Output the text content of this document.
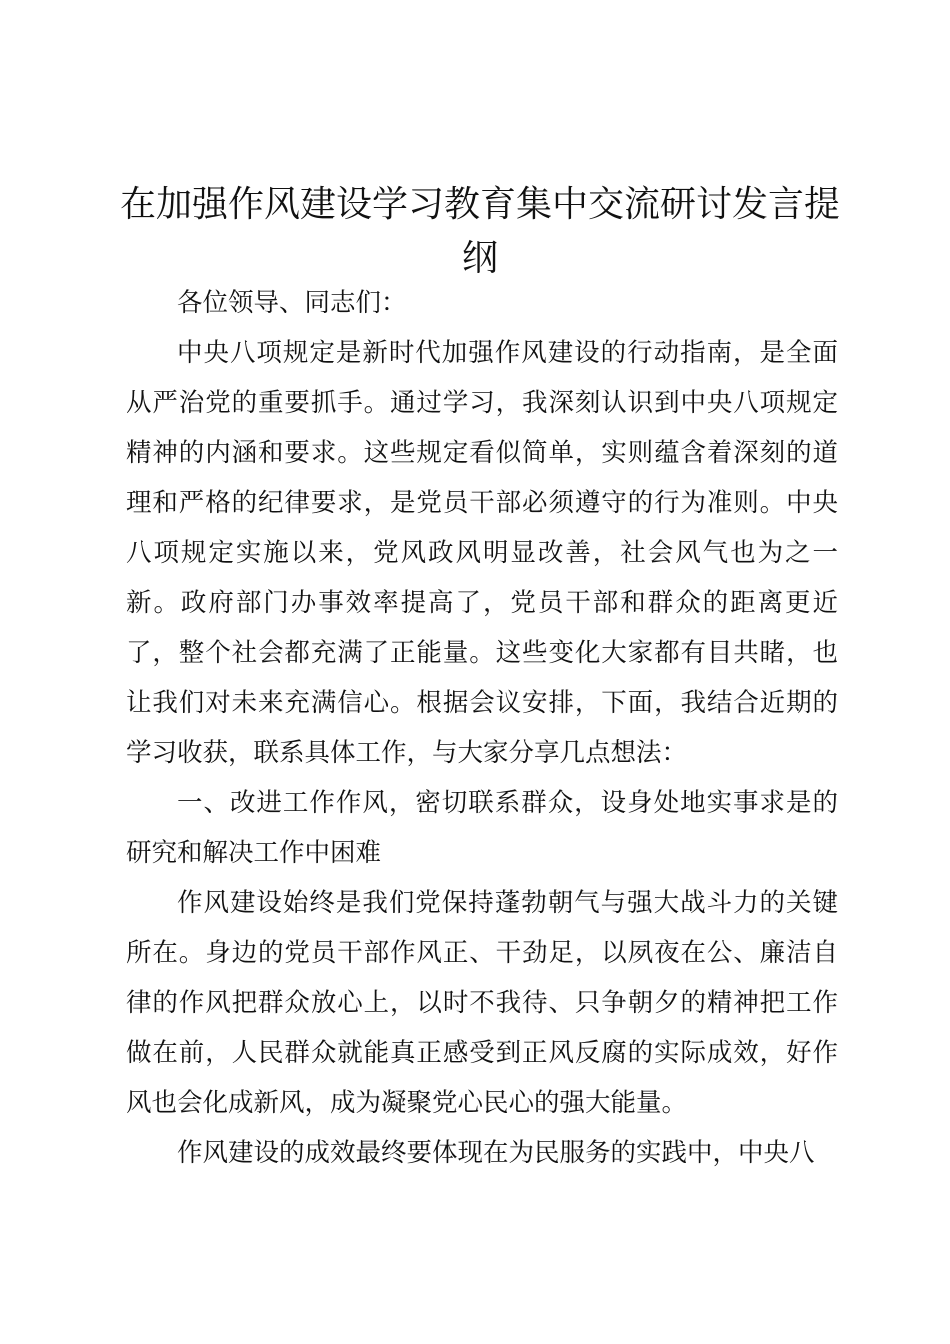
在加强作风建设学习教育集中交流研讨发言提纲

各位领导、同志们：

中央八项规定是新时代加强作风建设的行动指南，是全面从严治党的重要抓手。通过学习，我深刻认识到中央八项规定精神的内涵和要求。这些规定看似简单，实则蕴含着深刻的道理和严格的纪律要求，是党员干部必须遵守的行为准则。中央八项规定实施以来，党风政风明显改善，社会风气也为之一新。政府部门办事效率提高了，党员干部和群众的距离更近了，整个社会都充满了正能量。这些变化大家都有目共睹，也让我们对未来充满信心。根据会议安排，下面，我结合近期的学习收获，联系具体工作，与大家分享几点想法：

一、改进工作作风，密切联系群众，设身处地实事求是的研究和解决工作中困难

作风建设始终是我们党保持蓬勃朝气与强大战斗力的关键所在。身边的党员干部作风正、干劲足，以夙夜在公、廉洁自律的作风把群众放心上，以时不我待、只争朝夕的精神把工作做在前，人民群众就能真正感受到正风反腐的实际成效，好作风也会化成新风，成为凝聚党心民心的强大能量。

作风建设的成效最终要体现在为民服务的实践中，中央八
